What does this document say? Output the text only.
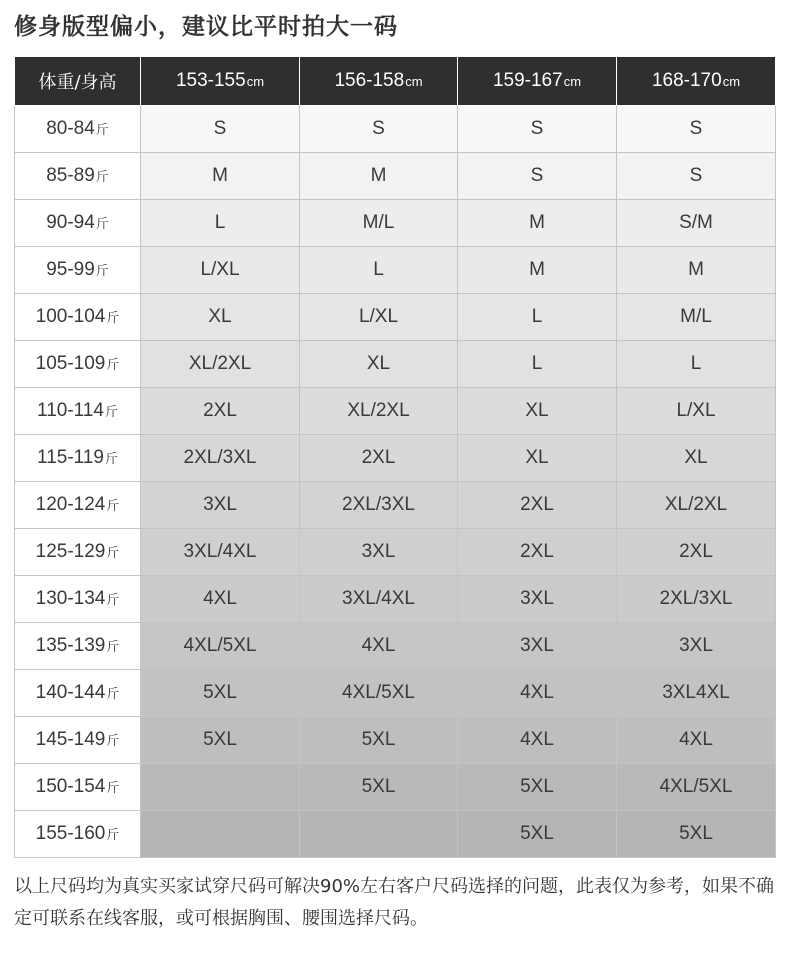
修身版型偏小，建议比平时拍大一码
体重/身高	153-155cm	156-158cm	159-167cm	168-170cm
80-84斤	S	S	S	S
85-89斤	M	M	S	S
90-94斤	L	M/L	M	S/M
95-99斤	L/XL	L	M	M
100-104斤	XL	L/XL	L	M/L
105-109斤	XL/2XL	XL	L	L
110-114斤	2XL	XL/2XL	XL	L/XL
115-119斤	2XL/3XL	2XL	XL	XL
120-124斤	3XL	2XL/3XL	2XL	XL/2XL
125-129斤	3XL/4XL	3XL	2XL	2XL
130-134斤	4XL	3XL/4XL	3XL	2XL/3XL
135-139斤	4XL/5XL	4XL	3XL	3XL
140-144斤	5XL	4XL/5XL	4XL	3XL4XL
145-149斤	5XL	5XL	4XL	4XL
150-154斤		5XL	5XL	4XL/5XL
155-160斤			5XL	5XL
以上尺码均为真实买家试穿尺码可解决90%左右客户尺码选择的问题，此表仅为参考，如果不确定可联系在线客服，或可根据胸围、腰围选择尺码。
